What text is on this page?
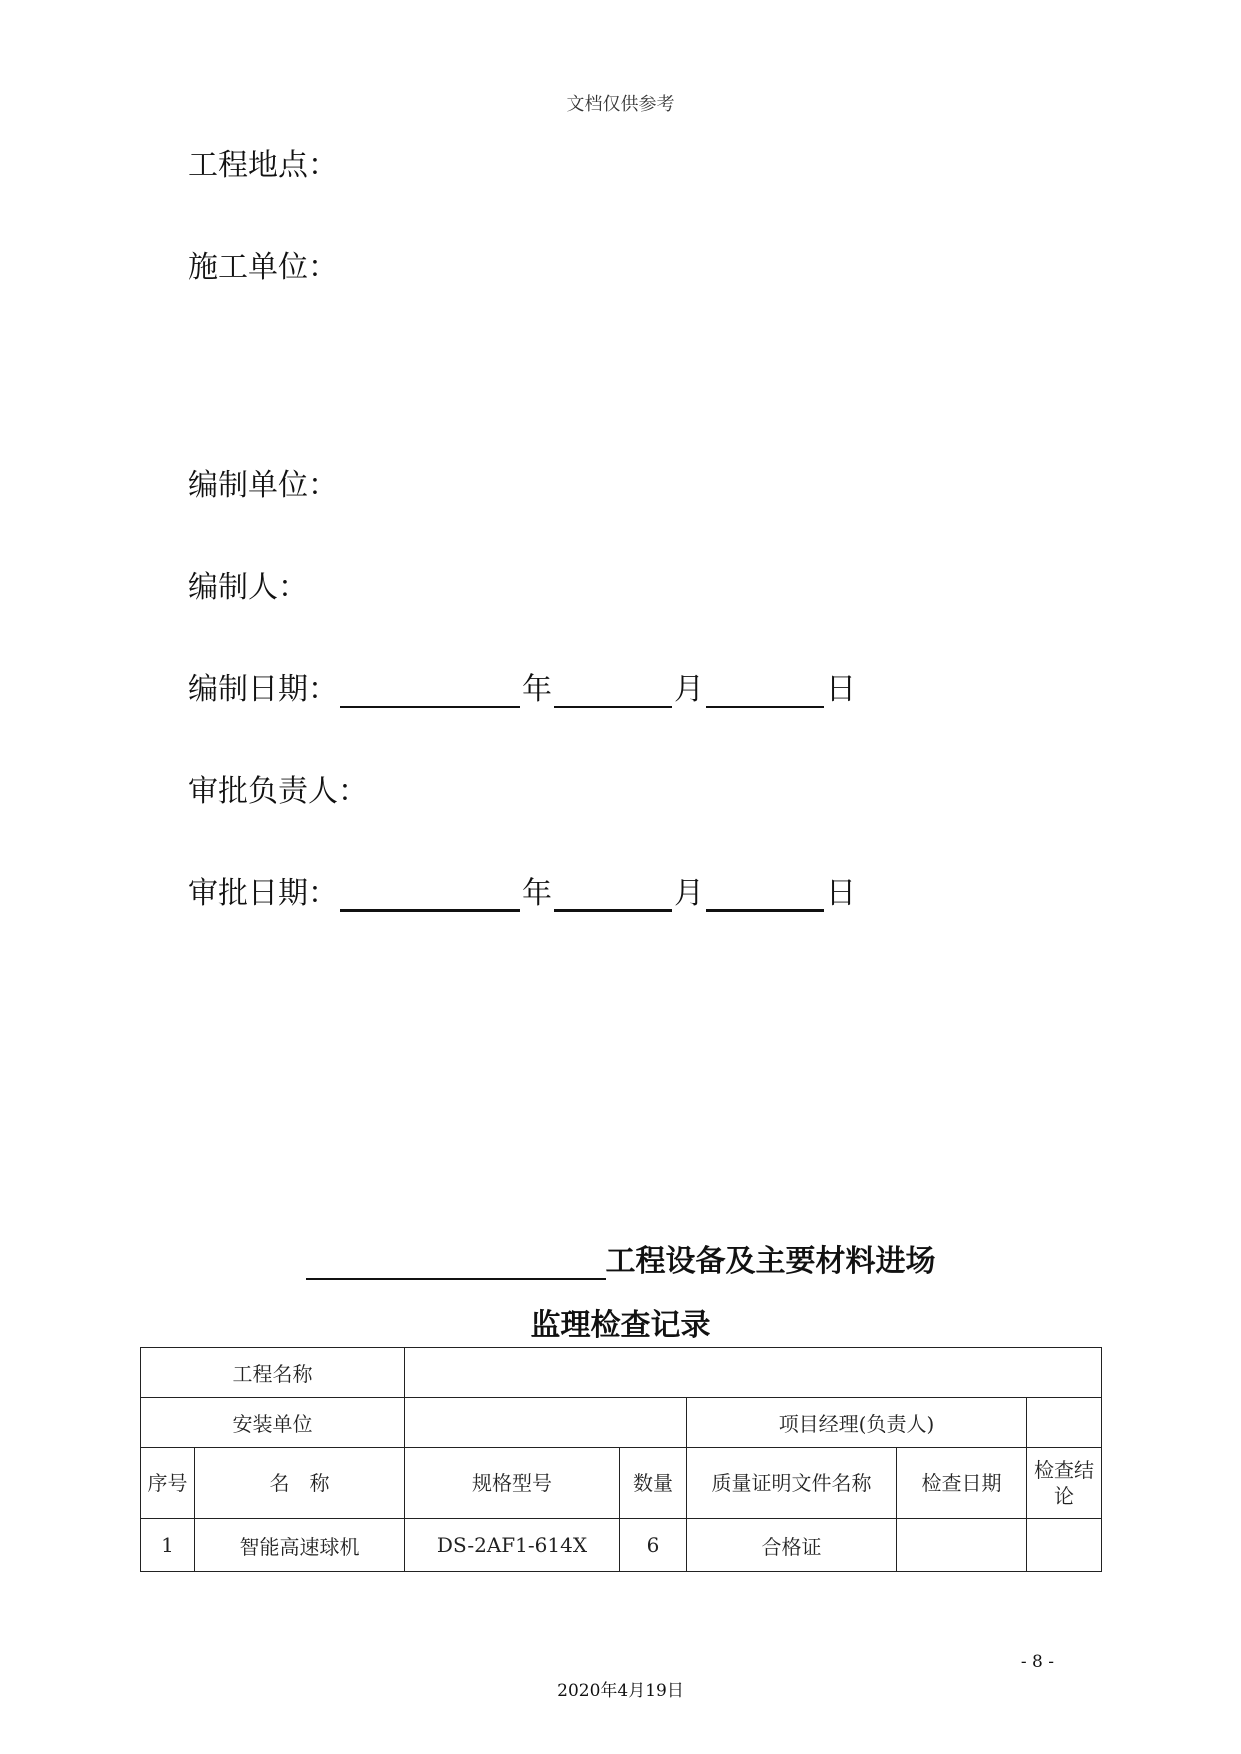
文档仅供参考
工程地点：
施工单位：
编制单位：
编制人：
编制日期：	年	月	日
审批负责人：
审批日期：	年	月	日
工程设备及主要材料进场
监理检查记录
工程名称						
安装单位				项目经理(负责人)		
序号	名　称	规格型号	数量	质量证明文件名称	检查日期	检查结论
1	智能高速球机	DS-2AF1-614X	6	合格证		
- 8 -
2020年4月19日
